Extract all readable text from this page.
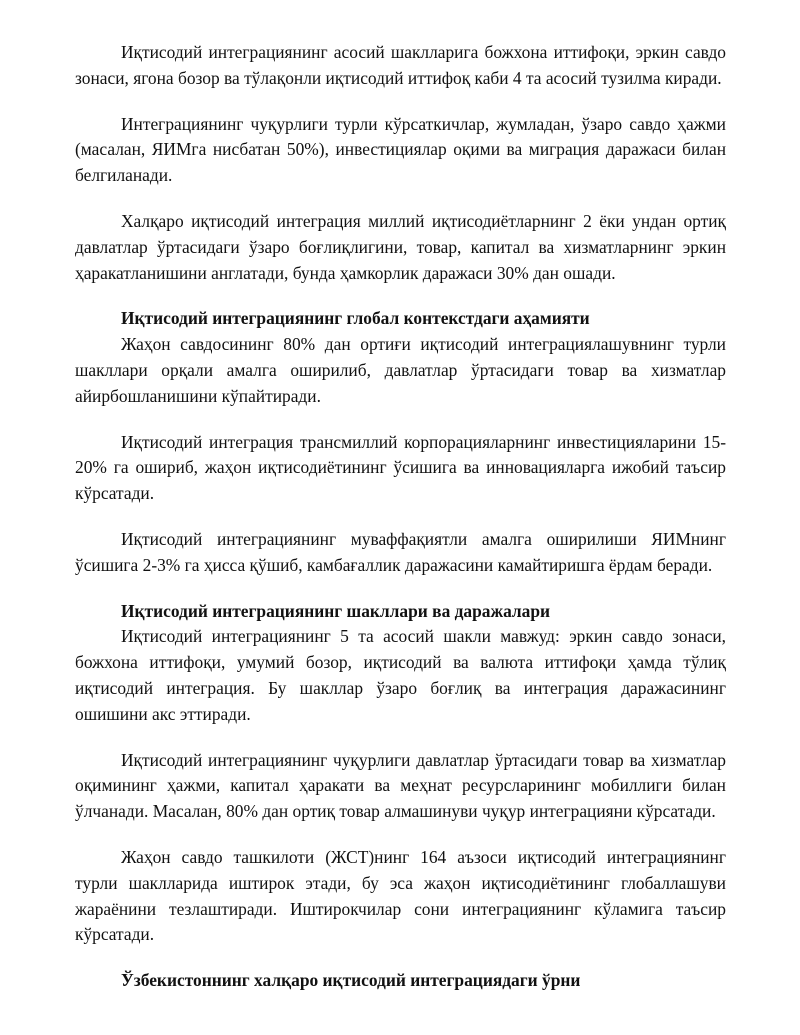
Иқтисодий интеграциянинг асосий шаклларига божхона иттифоқи, эркин савдо зонаси, ягона бозор ва тўлақонли иқтисодий иттифоқ каби 4 та асосий тузилма киради.

Интеграциянинг чуқурлиги турли кўрсаткичлар, жумладан, ўзаро савдо ҳажми (масалан, ЯИМга нисбатан 50%), инвестициялар оқими ва миграция даражаси билан белгиланади.

Халқаро иқтисодий интеграция миллий иқтисодиётларнинг 2 ёки ундан ортиқ давлатлар ўртасидаги ўзаро боғлиқлигини, товар, капитал ва хизматларнинг эркин ҳаракатланишини англатади, бунда ҳамкорлик даражаси 30% дан ошади.

Иқтисодий интеграциянинг глобал контекстдаги аҳамияти

Жаҳон савдосининг 80% дан ортиғи иқтисодий интеграциялашувнинг турли шакллари орқали амалга оширилиб, давлатлар ўртасидаги товар ва хизматлар айирбошланишини кўпайтиради.

Иқтисодий интеграция трансмиллий корпорацияларнинг инвестицияларини 15-20% га ошириб, жаҳон иқтисодиётининг ўсишига ва инновацияларга ижобий таъсир кўрсатади.

Иқтисодий интеграциянинг муваффақиятли амалга оширилиши ЯИМнинг ўсишига 2-3% га ҳисса қўшиб, камбағаллик даражасини камайтиришга ёрдам беради.

Иқтисодий интеграциянинг шакллари ва даражалари

Иқтисодий интеграциянинг 5 та асосий шакли мавжуд: эркин савдо зонаси, божхона иттифоқи, умумий бозор, иқтисодий ва валюта иттифоқи ҳамда тўлиқ иқтисодий интеграция. Бу шакллар ўзаро боғлиқ ва интеграция даражасининг ошишини акс эттиради.

Иқтисодий интеграциянинг чуқурлиги давлатлар ўртасидаги товар ва хизматлар оқимининг ҳажми, капитал ҳаракати ва меҳнат ресурсларининг мобиллиги билан ўлчанади. Масалан, 80% дан ортиқ товар алмашинуви чуқур интеграцияни кўрсатади.

Жаҳон савдо ташкилоти (ЖСТ)нинг 164 аъзоси иқтисодий интеграциянинг турли шаклларида иштирок этади, бу эса жаҳон иқтисодиётининг глобаллашуви жараёнини тезлаштиради. Иштирокчилар сони интеграциянинг кўламига таъсир кўрсатади.

Ўзбекистоннинг халқаро иқтисодий интеграциядаги ўрни
